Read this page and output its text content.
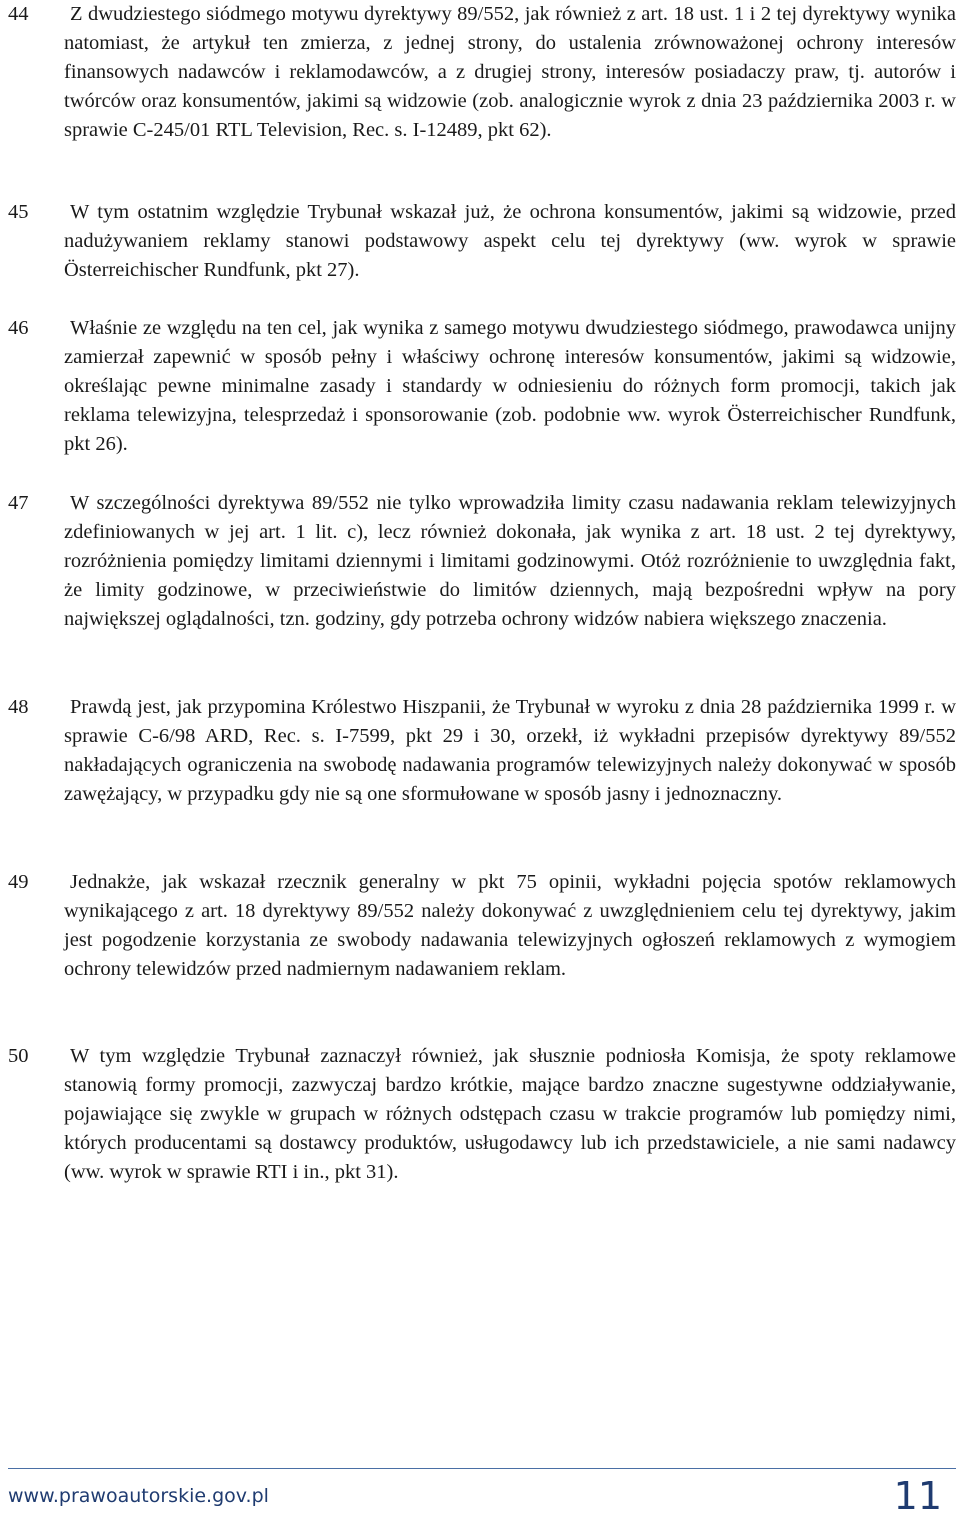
44 Z dwudziestego siódmego motywu dyrektywy 89/552, jak również z art. 18 ust. 1 i 2 tej dyrektywy wynika natomiast, że artykuł ten zmierza, z jednej strony, do ustalenia zrównoważonej ochrony interesów finansowych nadawców i reklamodawców, a z drugiej strony, interesów posiadaczy praw, tj. autorów i twórców oraz konsumentów, jakimi są widzowie (zob. analogicznie wyrok z dnia 23 października 2003 r. w sprawie C-245/01 RTL Television, Rec. s. I-12489, pkt 62).

45 W tym ostatnim względzie Trybunał wskazał już, że ochrona konsumentów, jakimi są widzowie, przed nadużywaniem reklamy stanowi podstawowy aspekt celu tej dyrektywy (ww. wyrok w sprawie Österreichischer Rundfunk, pkt 27).

46 Właśnie ze względu na ten cel, jak wynika z samego motywu dwudziestego siódmego, prawodawca unijny zamierzał zapewnić w sposób pełny i właściwy ochronę interesów konsumentów, jakimi są widzowie, określając pewne minimalne zasady i standardy w odniesieniu do różnych form promocji, takich jak reklama telewizyjna, telesprzedaż i sponsorowanie (zob. podobnie ww. wyrok Österreichischer Rundfunk, pkt 26).

47 W szczególności dyrektywa 89/552 nie tylko wprowadziła limity czasu nadawania reklam telewizyjnych zdefiniowanych w jej art. 1 lit. c), lecz również dokonała, jak wynika z art. 18 ust. 2 tej dyrektywy, rozróżnienia pomiędzy limitami dziennymi i limitami godzinowymi. Otóż rozróżnienie to uwzględnia fakt, że limity godzinowe, w przeciwieństwie do limitów dziennych, mają bezpośredni wpływ na pory największej oglądalności, tzn. godziny, gdy potrzeba ochrony widzów nabiera większego znaczenia.

48 Prawdą jest, jak przypomina Królestwo Hiszpanii, że Trybunał w wyroku z dnia 28 października 1999 r. w sprawie C-6/98 ARD, Rec. s. I-7599, pkt 29 i 30, orzekł, iż wykładni przepisów dyrektywy 89/552 nakładających ograniczenia na swobodę nadawania programów telewizyjnych należy dokonywać w sposób zawężający, w przypadku gdy nie są one sformułowane w sposób jasny i jednoznaczny.

49 Jednakże, jak wskazał rzecznik generalny w pkt 75 opinii, wykładni pojęcia spotów reklamowych wynikającego z art. 18 dyrektywy 89/552 należy dokonywać z uwzględnieniem celu tej dyrektywy, jakim jest pogodzenie korzystania ze swobody nadawania telewizyjnych ogłoszeń reklamowych z wymogiem ochrony telewidzów przed nadmiernym nadawaniem reklam.

50 W tym względzie Trybunał zaznaczył również, jak słusznie podniosła Komisja, że spoty reklamowe stanowią formy promocji, zazwyczaj bardzo krótkie, mające bardzo znaczne sugestywne oddziaływanie, pojawiające się zwykle w grupach w różnych odstępach czasu w trakcie programów lub pomiędzy nimi, których producentami są dostawcy produktów, usługodawcy lub ich przedstawiciele, a nie sami nadawcy (ww. wyrok w sprawie RTI i in., pkt 31).

www.prawoautorskie.gov.pl	11
